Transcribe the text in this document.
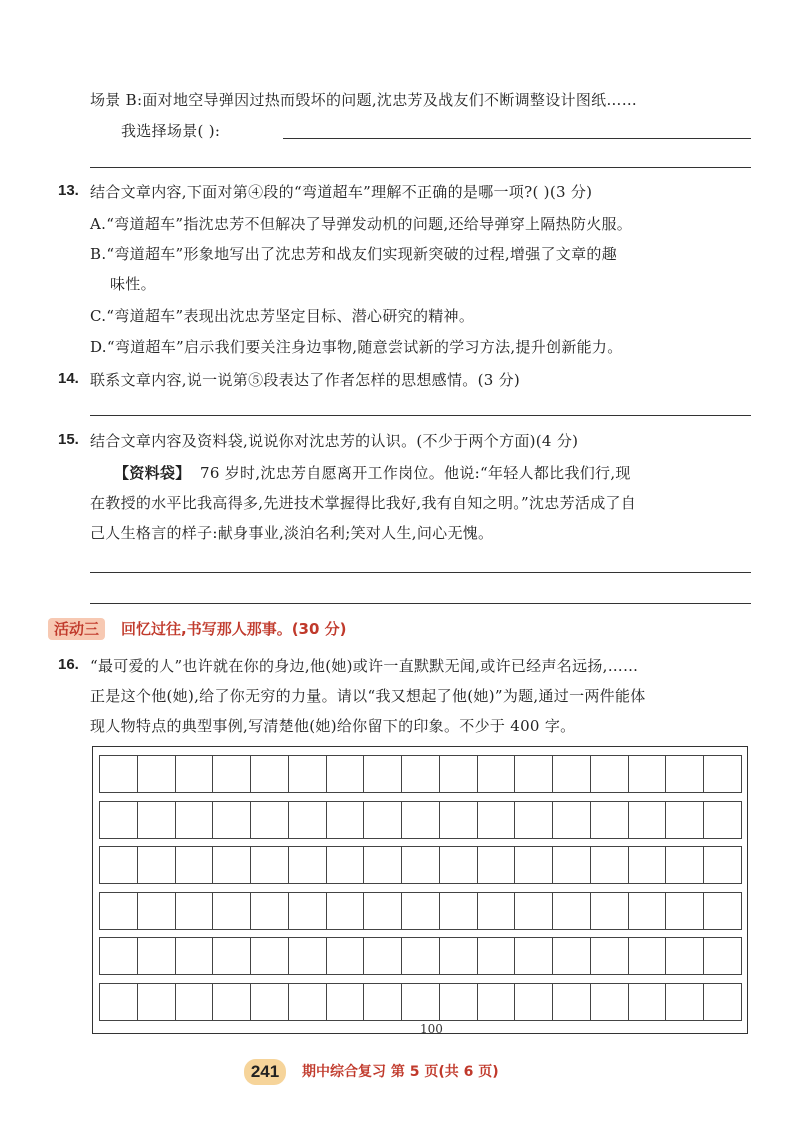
场景 B:面对地空导弹因过热而毁坏的问题,沈忠芳及战友们不断调整设计图纸……
我选择场景( ):
13. 结合文章内容,下面对第④段的“弯道超车”理解不正确的是哪一项?( )(3 分)
A.“弯道超车”指沈忠芳不但解决了导弹发动机的问题,还给导弹穿上隔热防火服。
B.“弯道超车”形象地写出了沈忠芳和战友们实现新突破的过程,增强了文章的趣
味性。
C.“弯道超车”表现出沈忠芳坚定目标、潜心研究的精神。
D.“弯道超车”启示我们要关注身边事物,随意尝试新的学习方法,提升创新能力。
14. 联系文章内容,说一说第⑤段表达了作者怎样的思想感情。(3 分)
15. 结合文章内容及资料袋,说说你对沈忠芳的认识。(不少于两个方面)(4 分)
【资料袋】 76 岁时,沈忠芳自愿离开工作岗位。他说:“年轻人都比我们行,现
在教授的水平比我高得多,先进技术掌握得比我好,我有自知之明。”沈忠芳活成了自
己人生格言的样子:献身事业,淡泊名利;笑对人生,问心无愧。
活动三	回忆过往,书写那人那事。(30 分)
16. “最可爱的人”也许就在你的身边,他(她)或许一直默默无闻,或许已经声名远扬,……
正是这个他(她),给了你无穷的力量。请以“我又想起了他(她)”为题,通过一两件能体
现人物特点的典型事例,写清楚他(她)给你留下的印象。不少于 400 字。
100
241	期中综合复习 第 5 页(共 6 页)
